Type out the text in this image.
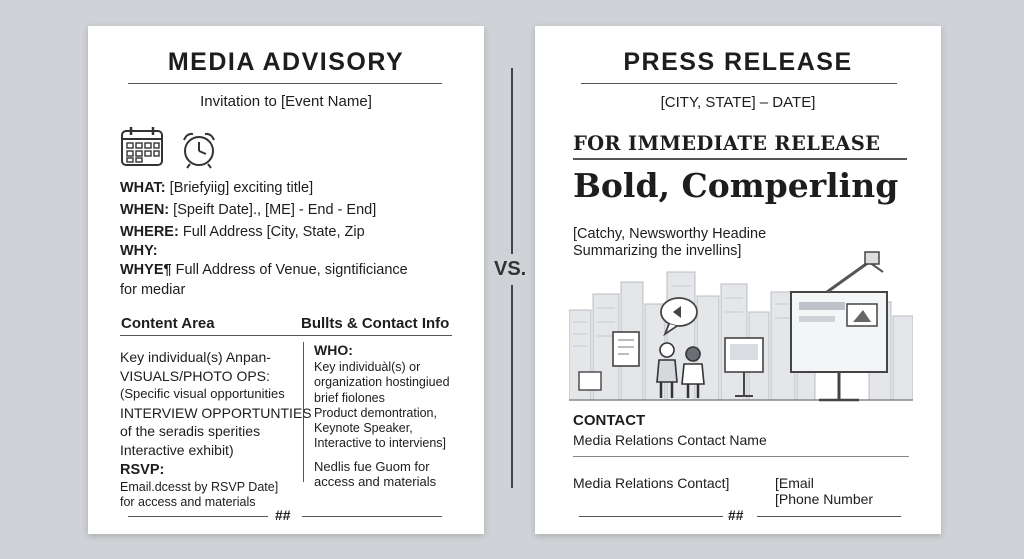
MEDIA ADVISORY
Invitation to [Event Name]
WHAT: [Briefyiig] exciting title]
WHEN: [Speift Date]., [ME] - End - End]
WHERE: Full Address [City, State, Zip
WHY:
WHYE¶ Full Address of Venue, signtificiance
for mediar
Content Area	Bullts & Contact Info
Key individual(s) Anpan-
VISUALS/PHOTO OPS:
(Specific visual opportunities
INTERVIEW OPPORTUNTIES
of the seradis sperities
Interactive exhibit)
RSVP:
Email.dcesst by RSVP Date]
for access and materials
WHO:
Key individuàl(s) or
organization hostingiued
brief fiolones
Product demontration,
Keynote Speaker,
Interactive to interviens]
Nedlis fue Guom for
access and materials
##
VS.
PRESS RELEASE
[CITY, STATE] – DATE]
FOR IMMEDIATE RELEASE
Bold, Comperling
[Catchy, Newsworthy Headine
Summarizing the invellins]
CONTACT
Media Relations Contact Name
Media Relations Contact]	[Email
[Phone Number
##
